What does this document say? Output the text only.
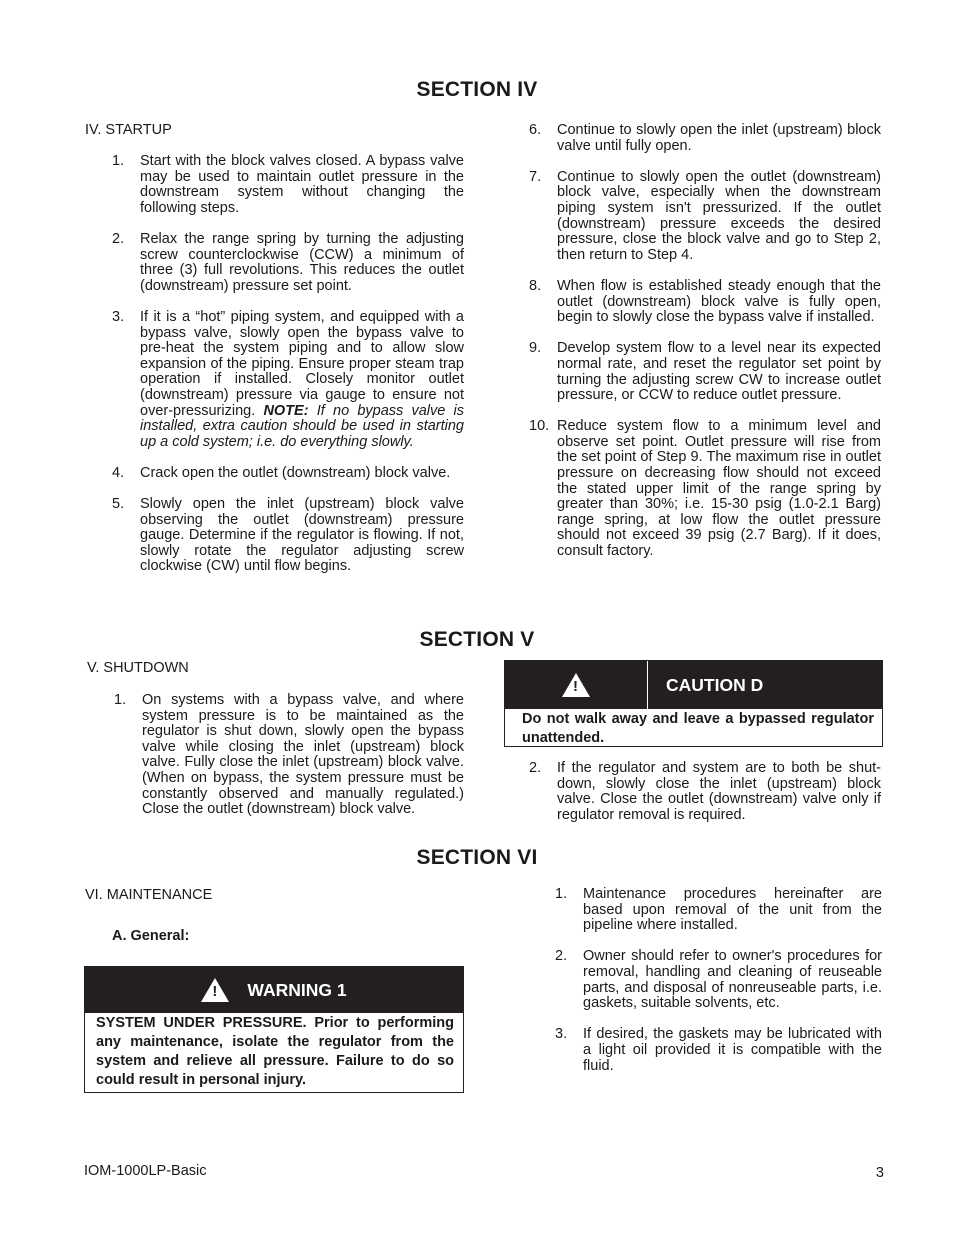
SECTION IV
IV. STARTUP
1.	Start with the block valves closed. A bypass valve may be used to maintain outlet pressure in the downstream system without changing the following steps.

2.	Relax the range spring by turning the adjusting screw counterclockwise (CCW) a minimum of three (3) full revolutions. This reduces the outlet (downstream) pressure set point.

3.	If it is a “hot” piping system, and equipped with a bypass valve, slowly open the bypass valve to pre-heat the system piping and to allow slow expansion of the piping. Ensure proper steam trap operation if installed. Closely monitor outlet (downstream) pressure via gauge to ensure not over-pressurizing. NOTE: If no bypass valve is installed, extra caution should be used in starting up a cold system; i.e. do everything slowly.

4.	Crack open the outlet (downstream) block valve.

5.	Slowly open the inlet (upstream) block valve observing the outlet (downstream) pressure gauge. Determine if the regulator is flowing. If not, slowly rotate the regulator adjusting screw clockwise (CW) until flow begins.

6.	Continue to slowly open the inlet (upstream) block valve until fully open.

7.	Continue to slowly open the outlet (downstream) block valve, especially when the downstream piping system isn't pressurized. If the outlet (downstream) pressure exceeds the desired pressure, close the block valve and go to Step 2, then return to Step 4.

8.	When flow is established steady enough that the outlet (downstream) block valve is fully open, begin to slowly close the bypass valve if installed.

9.	Develop system flow to a level near its expected normal rate, and reset the regulator set point by turning the adjusting screw CW to increase outlet pressure, or CCW to reduce outlet pressure.

10. Reduce system flow to a minimum level and observe set point. Outlet pressure will rise from the set point of Step 9. The maximum rise in outlet pressure on decreasing flow should not exceed the stated upper limit of the range spring by greater than 30%; i.e. 15-30 psig (1.0-2.1 Barg) range spring, at low flow the outlet pressure should not exceed 39 psig (2.7 Barg). If it does, consult factory.

SECTION V
V. SHUTDOWN
1.	On systems with a bypass valve, and where system pressure is to be maintained as the regulator is shut down, slowly open the bypass valve while closing the inlet (upstream) block valve. Fully close the inlet (upstream) block valve. (When on bypass, the system pressure must be constantly observed and manually regulated.) Close the outlet (downstream) block valve.

!	CAUTION D
Do not walk away and leave a bypassed regulator unattended.
2.	If the regulator and system are to both be shut-down, slowly close the inlet (upstream) block valve. Close the outlet (downstream) valve only if regulator removal is required.

SECTION VI
VI. MAINTENANCE
A. General:
! WARNING 1
SYSTEM UNDER PRESSURE. Prior to performing any maintenance, isolate the regulator from the system and relieve all pressure. Failure to do so could result in personal injury.
1.	Maintenance procedures hereinafter are based upon removal of the unit from the pipeline where installed.

2.	Owner should refer to owner's procedures for removal, handling and cleaning of reuseable parts, and disposal of nonreuseable parts, i.e. gaskets, suitable solvents, etc.

3.	If desired, the gaskets may be lubricated with a light oil provided it is compatible with the fluid.

IOM-1000LP-Basic	3
